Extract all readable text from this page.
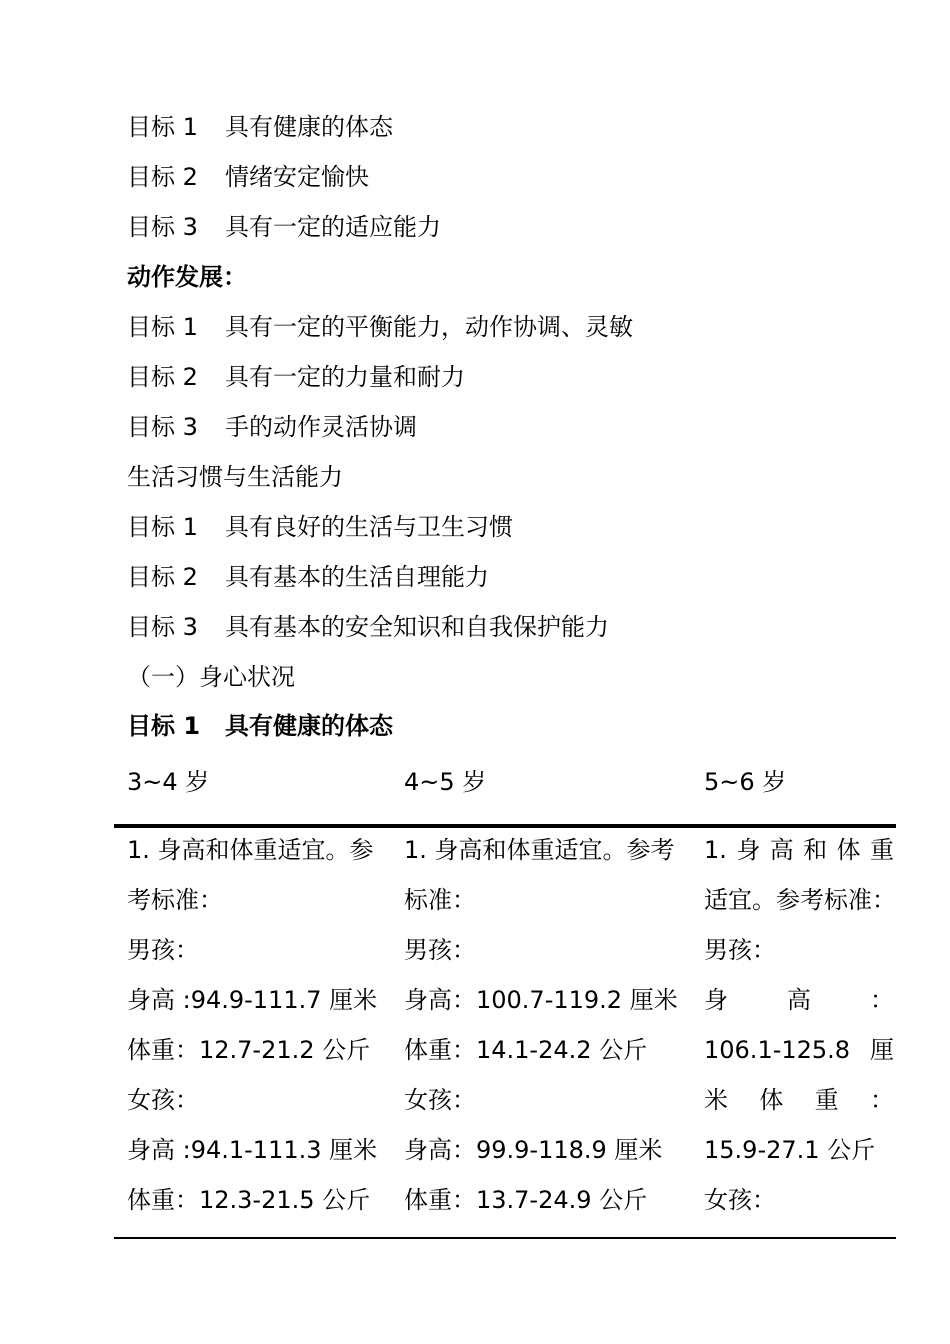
目标 1 具有健康的体态
目标 2 情绪安定愉快
目标 3 具有一定的适应能力
动作发展：
目标 1 具有一定的平衡能力，动作协调、灵敏
目标 2 具有一定的力量和耐力
目标 3 手的动作灵活协调
生活习惯与生活能力
目标 1 具有良好的生活与卫生习惯
目标 2 具有基本的生活自理能力
目标 3 具有基本的安全知识和自我保护能力
（一）身心状况
目标 1 具有健康的体态
3~4 岁	4~5 岁	5~6 岁
1. 身高和体重适宜。参
考标准：
男孩：
身高 :94.9-111.7 厘米
体重：12.7-21.2 公斤
女孩：
身高 :94.1-111.3 厘米
体重：12.3-21.5 公斤
1. 身高和体重适宜。参考
标准：
男孩：
身高：100.7-119.2 厘米
体重：14.1-24.2 公斤
女孩：
身高：99.9-118.9 厘米
体重：13.7-24.9 公斤
1. 身 高 和 体 重
适宜。参考标准：
男孩：
身 高 ：
106.1-125.8 厘
米 体 重 ：
15.9-27.1 公斤
女孩：
